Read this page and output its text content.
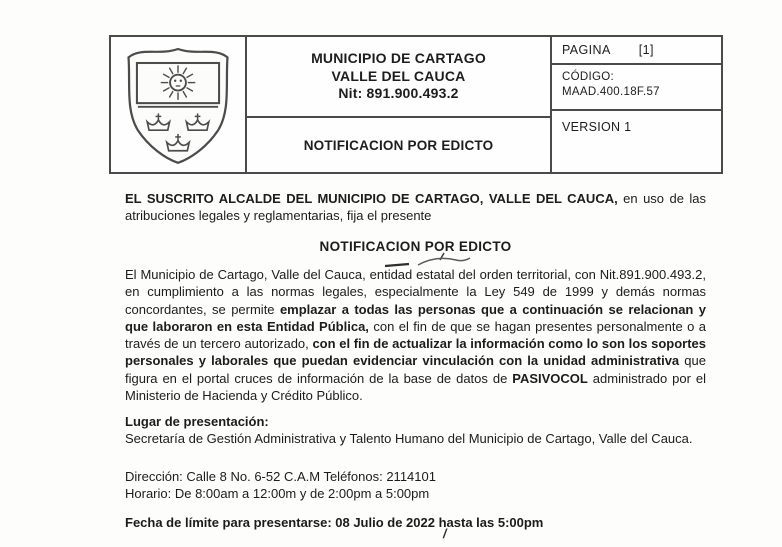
MUNICIPIO DE CARTAGO
VALLE DEL CAUCA
Nit: 891.900.493.2
NOTIFICACION POR EDICTO
PAGINA [1]
CÓDIGO:
MAAD.400.18F.57
VERSION 1

EL SUSCRITO ALCALDE DEL MUNICIPIO DE CARTAGO, VALLE DEL CAUCA, en uso de las atribuciones legales y reglamentarias, fija el presente

NOTIFICACION POR EDICTO

El Municipio de Cartago, Valle del Cauca, entidad estatal del orden territorial, con Nit.891.900.493.2, en cumplimiento a las normas legales, especialmente la Ley 549 de 1999 y demás normas concordantes, se permite emplazar a todas las personas que a continuación se relacionan y que laboraron en esta Entidad Pública, con el fin de que se hagan presentes personalmente o a través de un tercero autorizado, con el fin de actualizar la información como lo son los soportes personales y laborales que puedan evidenciar vinculación con la unidad administrativa que figura en el portal cruces de información de la base de datos de PASIVOCOL administrado por el Ministerio de Hacienda y Crédito Público.

Lugar de presentación:
Secretaría de Gestión Administrativa y Talento Humano del Municipio de Cartago, Valle del Cauca.
Dirección: Calle 8 No. 6-52 C.A.M Teléfonos: 2114101
Horario: De 8:00am a 12:00m y de 2:00pm a 5:00pm
Fecha de límite para presentarse: 08 Julio de 2022 hasta las 5:00pm
/
